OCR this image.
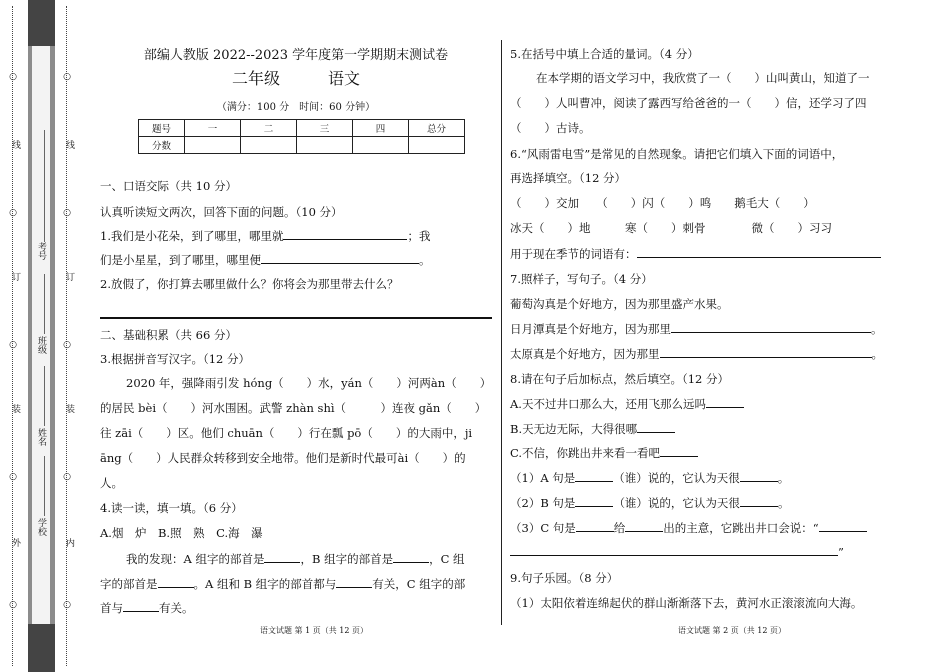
○
线
○
订
○
装
○
外
○
考号
班级
姓名
学校
○
线
○
订
○
装
○
内
○
部编人教版 2022--2023 学年度第一学期期末测试卷
二年级	语文
（满分：100 分　时间：60 分钟）
题号	一	二	三	四	总分
分数					
一、口语交际（共 10 分）
认真听读短文两次，回答下面的问题。（10 分）
1.我们是小花朵，到了哪里，哪里就	；我
们是小星星，到了哪里，哪里便	。
2.放假了，你打算去哪里做什么？你将会为那里带去什么？
二、基础积累（共 66 分）
3.根据拼音写汉字。（12 分）
2020 年，强降雨引发 hóng（　　）水，yán（　　）河两àn（　　）
的居民 bèi（　　）河水围困。武警 zhàn shì（　　　）连夜 gǎn（　　）
往 zāi（　　）区。他们 chuān（　　）行在瓢 pō（　　）的大雨中，ji
āng（　　）人民群众转移到安全地带。他们是新时代最可ài（　　）的
人。
4.读一读，填一填。（6 分）
A.烟　炉　B.照　熟　C.海　瀑
我的发现：A 组字的部首是	，B 组字的部首是	，C 组
字的部首是	。A 组和 B 组字的部首都与	有关，C 组字的部
首与	有关。
语文试题 第 1 页（共 12 页）
5.在括号中填上合适的量词。（4 分）
在本学期的语文学习中，我欣赏了一（　　）山叫黄山，知道了一
（　　）人叫曹冲，阅读了露西写给爸爸的一（　　）信，还学习了四
（　　）古诗。
6.“风雨雷电雪”是常见的自然现象。请把它们填入下面的词语中，
再选择填空。（12 分）
（　　）交加　　（　　）闪（　　）鸣　　鹅毛大（　　）
冰天（　　）地　　　寒（　　）刺骨　　　　微（　　）习习
用于现在季节的词语有：
7.照样子，写句子。（4 分）
葡萄沟真是个好地方，因为那里盛产水果。
日月潭真是个好地方，因为那里	。
太原真是个好地方，因为那里	。
8.请在句子后加标点，然后填空。（12 分）
A.天不过井口那么大，还用飞那么远吗
B.天无边无际，大得很哪
C.不信，你跳出井来看一看吧
（1）A 句是	（谁）说的，它认为天很	。
（2）B 句是	（谁）说的，它认为天很	。
（3）C 句是	给	出的主意，它跳出井口会说：“
”
9.句子乐园。（8 分）
（1）太阳依着连绵起伏的群山渐渐落下去，黄河水正滚滚流向大海。
语文试题 第 2 页（共 12 页）
